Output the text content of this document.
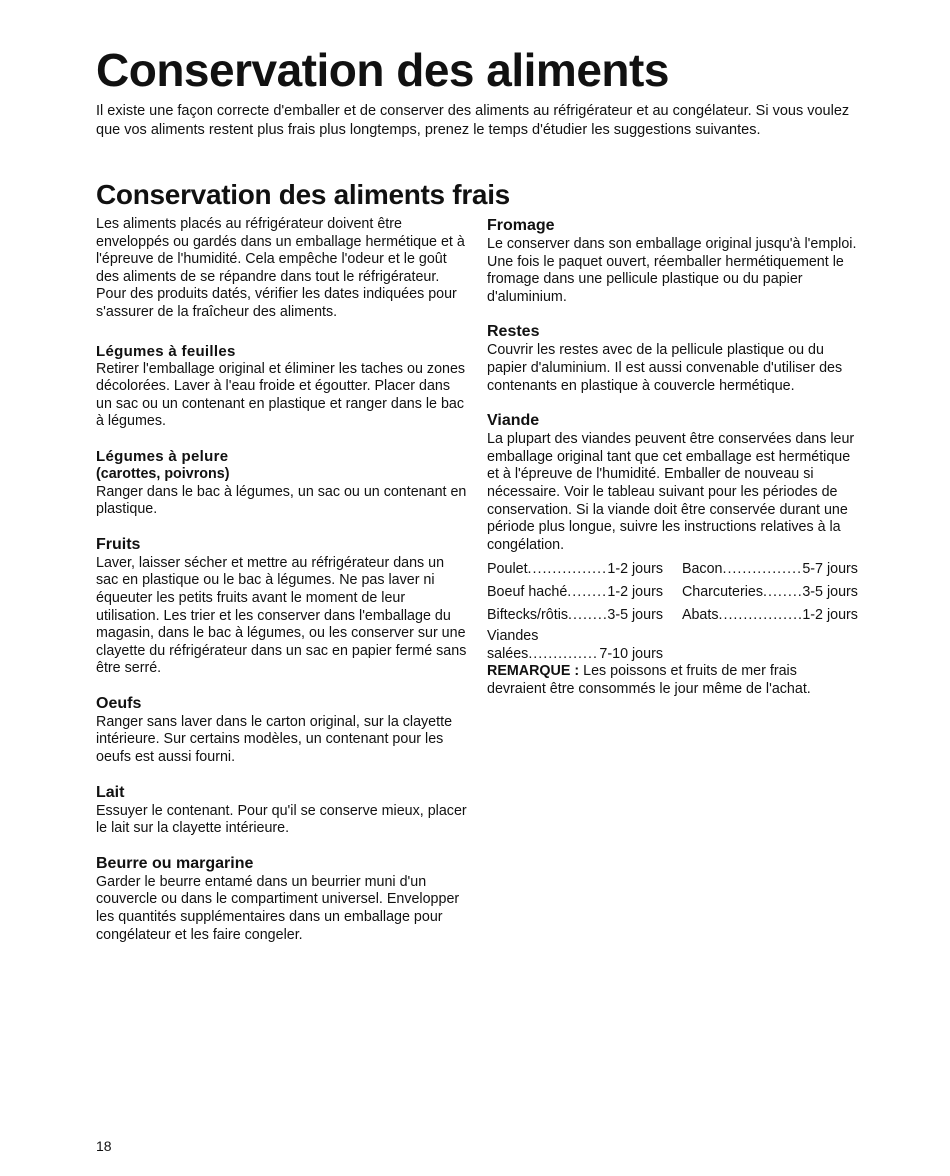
Conservation des aliments

Il existe une façon correcte d'emballer et de conserver des aliments au réfrigérateur et au congélateur. Si vous voulez que vos aliments restent plus frais plus longtemps, prenez le temps d'étudier les suggestions suivantes.

Conservation des aliments frais

Les aliments placés au réfrigérateur doivent être enveloppés ou gardés dans un emballage hermétique et à l'épreuve de l'humidité. Cela empêche l'odeur et le goût des aliments de se répandre dans tout le réfrigérateur. Pour des produits datés, vérifier les dates indiquées pour s'assurer de la fraîcheur des aliments.

Légumes à feuilles

Retirer l'emballage original et éliminer les taches ou zones décolorées. Laver à l'eau froide et égoutter. Placer dans un sac ou un contenant en plastique et ranger dans le bac à légumes.

Légumes à pelure

(carottes, poivrons)

Ranger dans le bac à légumes, un sac ou un contenant en plastique.

Fruits

Laver, laisser sécher et mettre au réfrigérateur dans un sac en plastique ou le bac à légumes. Ne pas laver ni équeuter les petits fruits avant le moment de leur utilisation. Les trier et les conserver dans l'emballage du magasin, dans le bac à légumes, ou les conserver sur une clayette du réfrigérateur dans un sac en papier fermé sans être serré.

Oeufs

Ranger sans laver dans le carton original, sur la clayette intérieure. Sur certains modèles, un contenant pour les oeufs est aussi fourni.

Lait

Essuyer le contenant. Pour qu'il se conserve mieux, placer le lait sur la clayette intérieure.

Beurre ou margarine

Garder le beurre entamé dans un beurrier muni d'un couvercle ou dans le compartiment universel. Envelopper les quantités supplémentaires dans un emballage pour congélateur et les faire congeler.

Fromage

Le conserver dans son emballage original jusqu'à l'emploi. Une fois le paquet ouvert, réemballer hermétiquement le fromage dans une pellicule plastique ou du papier d'aluminium.

Restes

Couvrir les restes avec de la pellicule plastique ou du papier d'aluminium. Il est aussi convenable d'utiliser des contenants en plastique à couvercle hermétique.

Viande

La plupart des viandes peuvent être conservées dans leur emballage original tant que cet emballage est hermétique et à l'épreuve de l'humidité. Emballer de nouveau si nécessaire. Voir le tableau suivant pour les périodes de conservation. Si la viande doit être conservée durant une période plus longue, suivre les instructions relatives à la congélation.

Poulet ..... 1-2 jours	Bacon ..... 5-7 jours

Boeuf haché ..... 1-2 jours	Charcuteries ..... 3-5 jours

Biftecks/rôtis ..... 3-5 jours	Abats ..... 1-2 jours

Viandes
salées ..... 7-10 jours

REMARQUE : Les poissons et fruits de mer frais devraient être consommés le jour même de l'achat.

18
